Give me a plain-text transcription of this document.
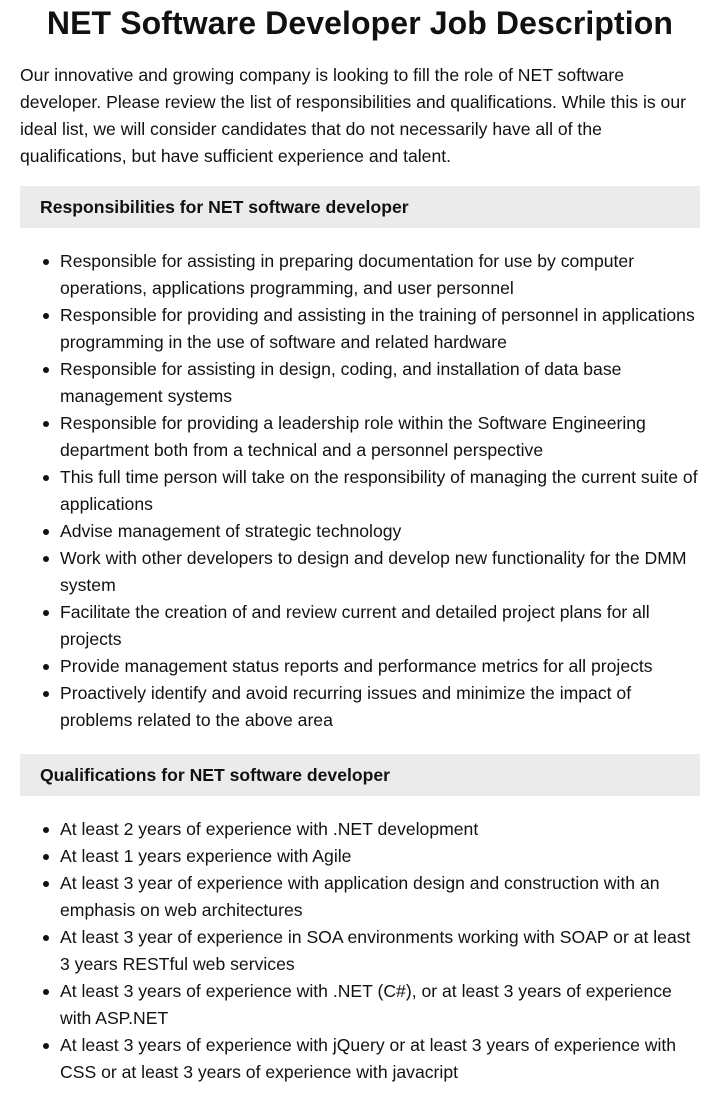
NET Software Developer Job Description

Our innovative and growing company is looking to fill the role of NET software developer. Please review the list of responsibilities and qualifications. While this is our ideal list, we will consider candidates that do not necessarily have all of the qualifications, but have sufficient experience and talent.

Responsibilities for NET software developer
Responsible for assisting in preparing documentation for use by computer operations, applications programming, and user personnel
Responsible for providing and assisting in the training of personnel in applications programming in the use of software and related hardware
Responsible for assisting in design, coding, and installation of data base management systems
Responsible for providing a leadership role within the Software Engineering department both from a technical and a personnel perspective
This full time person will take on the responsibility of managing the current suite of applications
Advise management of strategic technology
Work with other developers to design and develop new functionality for the DMM system
Facilitate the creation of and review current and detailed project plans for all projects
Provide management status reports and performance metrics for all projects
Proactively identify and avoid recurring issues and minimize the impact of problems related to the above area
Qualifications for NET software developer
At least 2 years of experience with .NET development
At least 1 years experience with Agile
At least 3 year of experience with application design and construction with an emphasis on web architectures
At least 3 year of experience in SOA environments working with SOAP or at least 3 years RESTful web services
At least 3 years of experience with .NET (C#), or at least 3 years of experience with ASP.NET
At least 3 years of experience with jQuery or at least 3 years of experience with CSS or at least 3 years of experience with javacript
